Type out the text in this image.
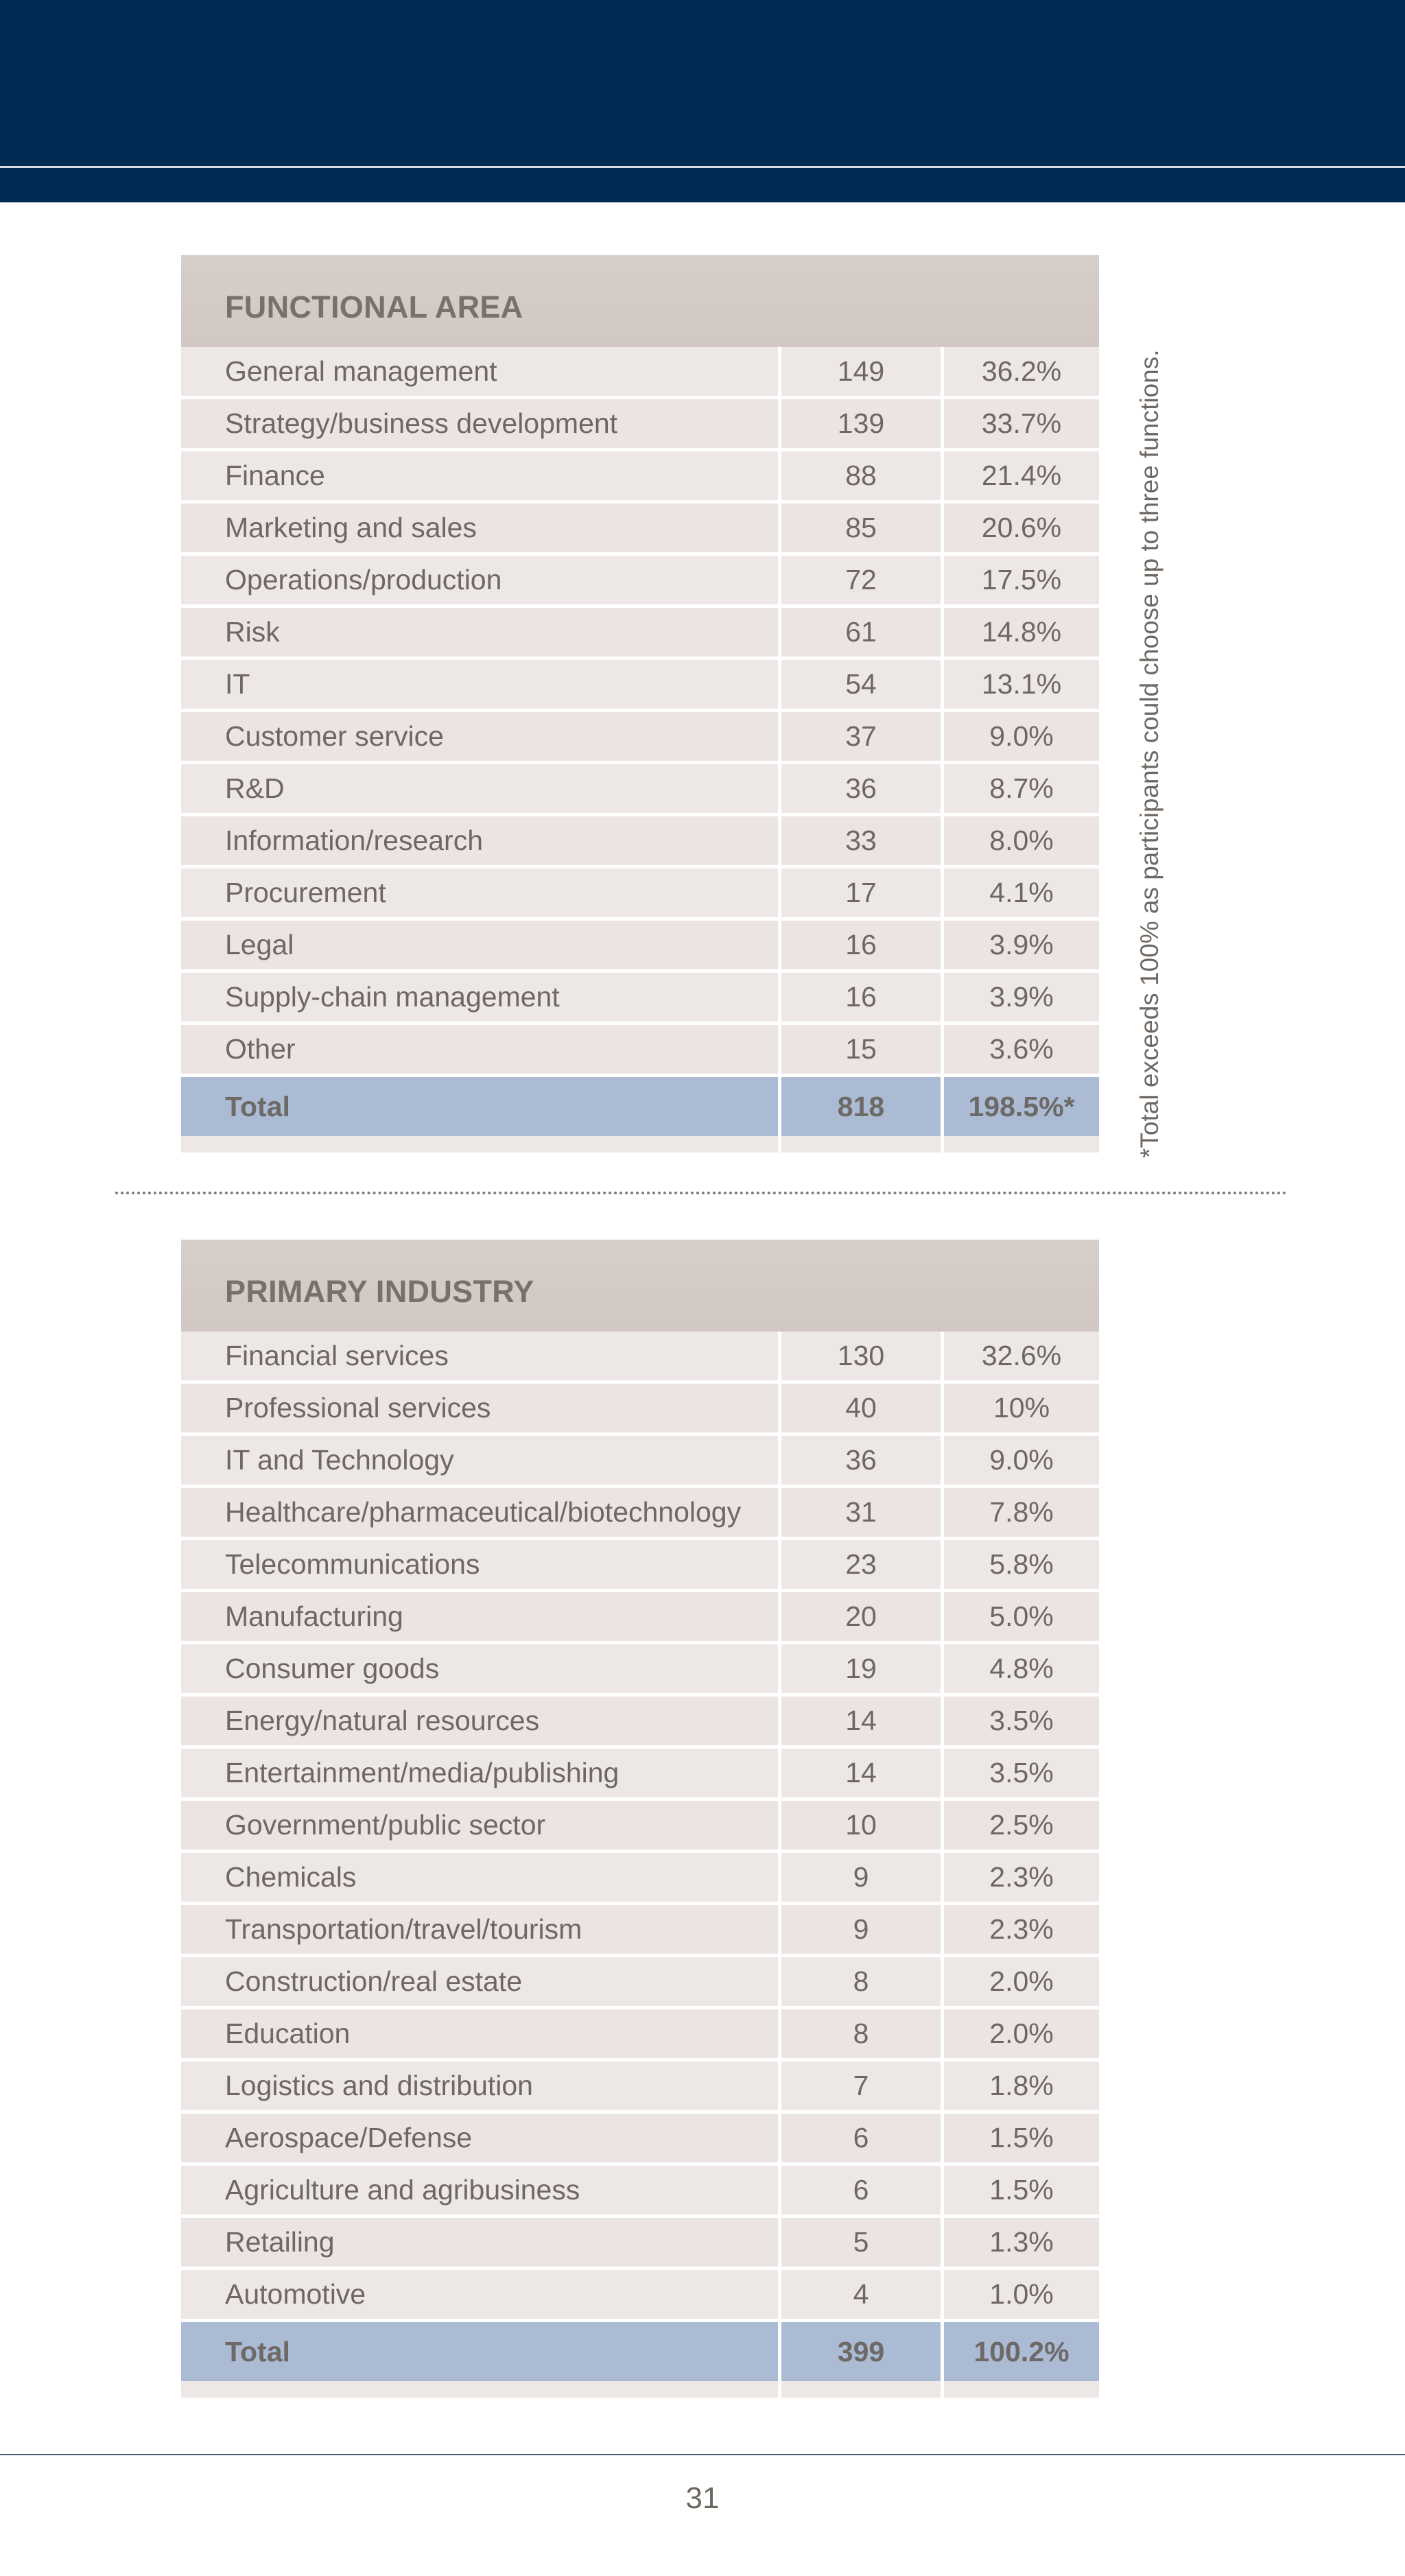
FUNCTIONAL AREA
General management	149	36.2%
Strategy/business development	139	33.7%
Finance	88	21.4%
Marketing and sales	85	20.6%
Operations/production	72	17.5%
Risk	61	14.8%
IT	54	13.1%
Customer service	37	9.0%
R&D	36	8.7%
Information/research	33	8.0%
Procurement	17	4.1%
Legal	16	3.9%
Supply-chain management	16	3.9%
Other	15	3.6%
Total	818	198.5%*	*Total exceeds 100% as participants could choose up to three functions.
PRIMARY INDUSTRY
Financial services	130	32.6%
Professional services	40	10%
IT and Technology	36	9.0%
Healthcare/pharmaceutical/biotechnology	31	7.8%
Telecommunications	23	5.8%
Manufacturing	20	5.0%
Consumer goods	19	4.8%
Energy/natural resources	14	3.5%
Entertainment/media/publishing	14	3.5%
Government/public sector	10	2.5%
Chemicals	9	2.3%
Transportation/travel/tourism	9	2.3%
Construction/real estate	8	2.0%
Education	8	2.0%
Logistics and distribution	7	1.8%
Aerospace/Defense	6	1.5%
Agriculture and agribusiness	6	1.5%
Retailing	5	1.3%
Automotive	4	1.0%
Total	399	100.2%
31
